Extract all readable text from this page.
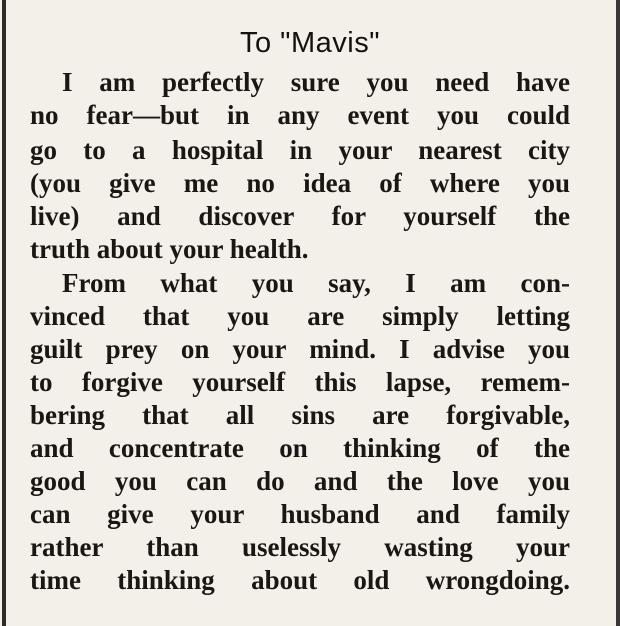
To "Mavis"
I am perfectly sure you need have
no fear—but in any event you could
go to a hospital in your nearest city
(you give me no idea of where you
live) and discover for yourself the
truth about your health.
From what you say, I am con-
vinced that you are simply letting
guilt prey on your mind. I advise you
to forgive yourself this lapse, remem-
bering that all sins are forgivable,
and concentrate on thinking of the
good you can do and the love you
can give your husband and family
rather than uselessly wasting your
time thinking about old wrongdoing.
